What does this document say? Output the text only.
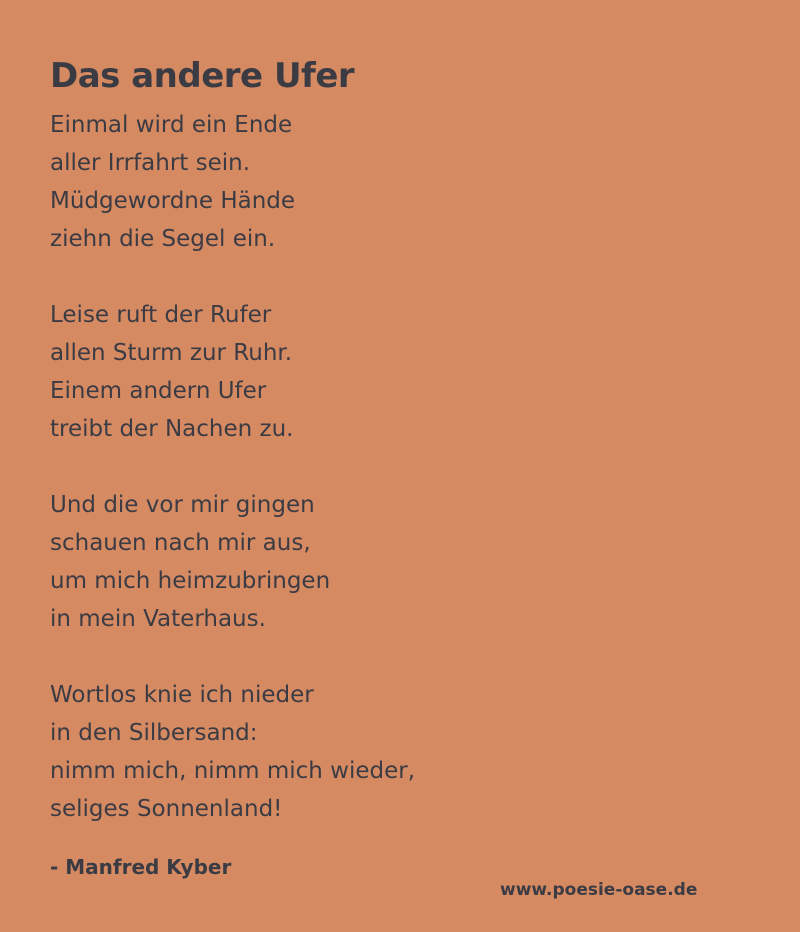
Das andere Ufer
Einmal wird ein Ende
aller Irrfahrt sein.
Müdgewordne Hände
ziehn die Segel ein.
Leise ruft der Rufer
allen Sturm zur Ruhr.
Einem andern Ufer
treibt der Nachen zu.
Und die vor mir gingen
schauen nach mir aus,
um mich heimzubringen
in mein Vaterhaus.
Wortlos knie ich nieder
in den Silbersand:
nimm mich, nimm mich wieder,
seliges Sonnenland!
- Manfred Kyber
www.poesie-oase.de
